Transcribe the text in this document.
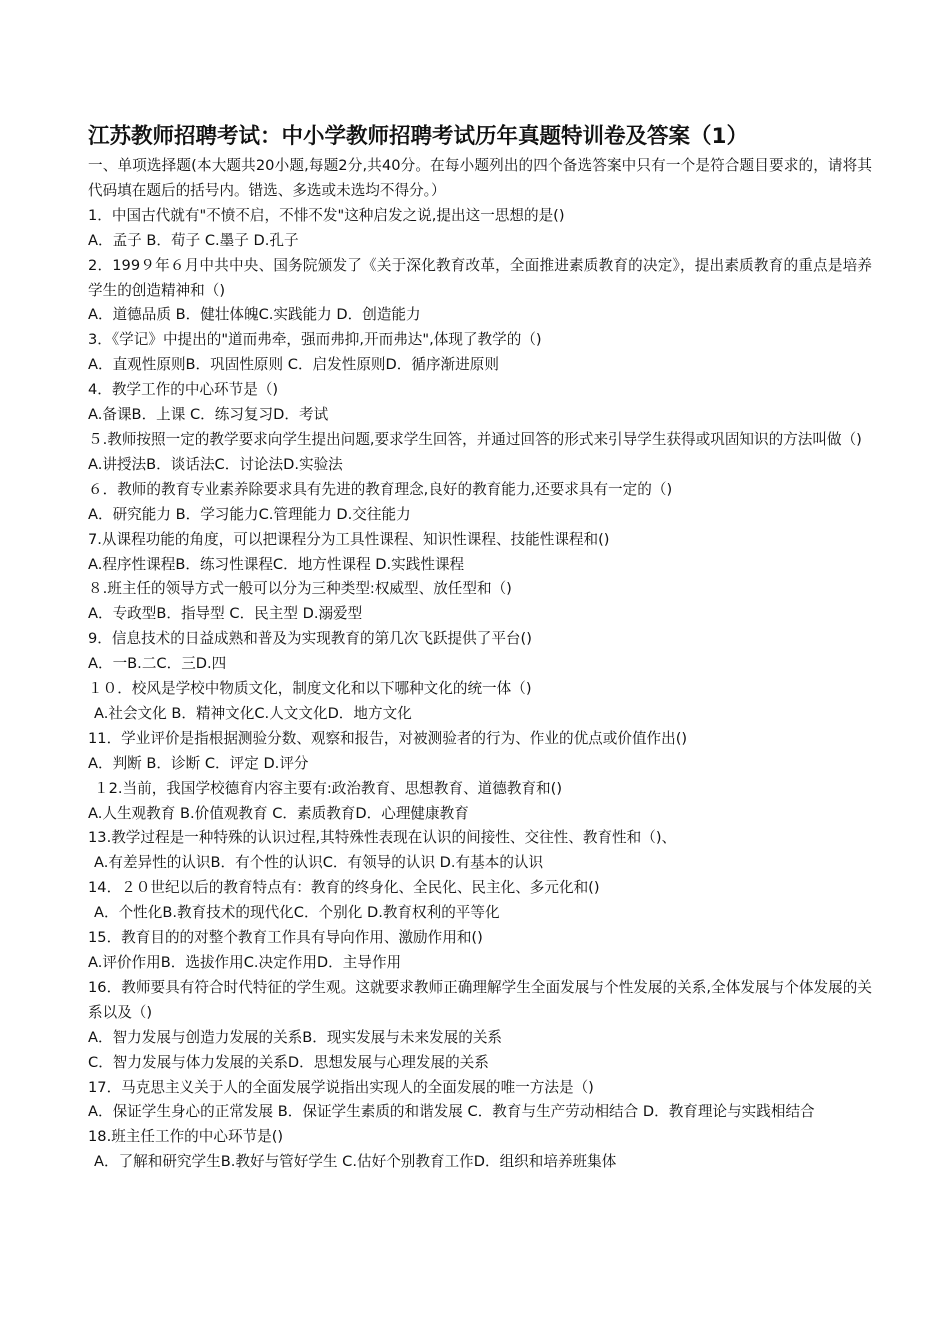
江苏教师招聘考试：中小学教师招聘考试历年真题特训卷及答案（1）
一、单项选择题(本大题共20小题,每题2分,共40分。在每小题列出的四个备选答案中只有一个是符合题目要求的，请将其代码填在题后的括号内。错选、多选或未选均不得分。）
1．中国古代就有"不愤不启，不悱不发"这种启发之说,提出这一思想的是()
A．孟子 B．荀子 C.墨子 D.孔子
2．199９年６月中共中央、国务院颁发了《关于深化教育改革，全面推进素质教育的决定》，提出素质教育的重点是培养学生的创造精神和（)
A．道德品质 B．健壮体魄C.实践能力 D．创造能力
3．《学记》中提出的"道而弗牵，强而弗抑,开而弗达",体现了教学的（)
A．直观性原则B．巩固性原则 C．启发性原则D．循序渐进原则
4．教学工作的中心环节是（)
A.备课B．上课 C．练习复习D．考试
５.教师按照一定的教学要求向学生提出问题,要求学生回答，并通过回答的形式来引导学生获得或巩固知识的方法叫做（)
A.讲授法B．谈话法C．讨论法D.实验法
６．教师的教育专业素养除要求具有先进的教育理念,良好的教育能力,还要求具有一定的（)
A．研究能力 B．学习能力C.管理能力 D.交往能力
7.从课程功能的角度，可以把课程分为工具性课程、知识性课程、技能性课程和()
A.程序性课程B．练习性课程C．地方性课程 D.实践性课程
８.班主任的领导方式一般可以分为三种类型:权威型、放任型和（)
A．专政型B．指导型 C．民主型 D.溺爱型
9．信息技术的日益成熟和普及为实现教育的第几次飞跃提供了平台()
A．一B.二C．三D.四
１０．校风是学校中物质文化，制度文化和以下哪种文化的统一体（)
A.社会文化 B．精神文化C.人文文化D．地方文化
11．学业评价是指根据测验分数、观察和报告，对被测验者的行为、作业的优点或价值作出()
A．判断 B．诊断 C．评定 D.评分
１2.当前，我国学校德育内容主要有:政治教育、思想教育、道德教育和()
A.人生观教育 B.价值观教育 C．素质教育D．心理健康教育
13.教学过程是一种特殊的认识过程,其特殊性表现在认识的间接性、交往性、教育性和（)、
A.有差异性的认识B．有个性的认识C．有领导的认识 D.有基本的认识
14．２０世纪以后的教育特点有：教育的终身化、全民化、民主化、多元化和()
A．个性化B.教育技术的现代化C．个别化 D.教育权利的平等化
15．教育目的的对整个教育工作具有导向作用、激励作用和()
A.评价作用B．选拔作用C.决定作用D．主导作用
16．教师要具有符合时代特征的学生观。这就要求教师正确理解学生全面发展与个性发展的关系,全体发展与个体发展的关系以及（)
A．智力发展与创造力发展的关系B．现实发展与未来发展的关系
C．智力发展与体力发展的关系D．思想发展与心理发展的关系
17．马克思主义关于人的全面发展学说指出实现人的全面发展的唯一方法是（)
A．保证学生身心的正常发展 B．保证学生素质的和谐发展 C．教育与生产劳动相结合 D．教育理论与实践相结合
18.班主任工作的中心环节是()
A．了解和研究学生B.教好与管好学生 C.估好个别教育工作D．组织和培养班集体
